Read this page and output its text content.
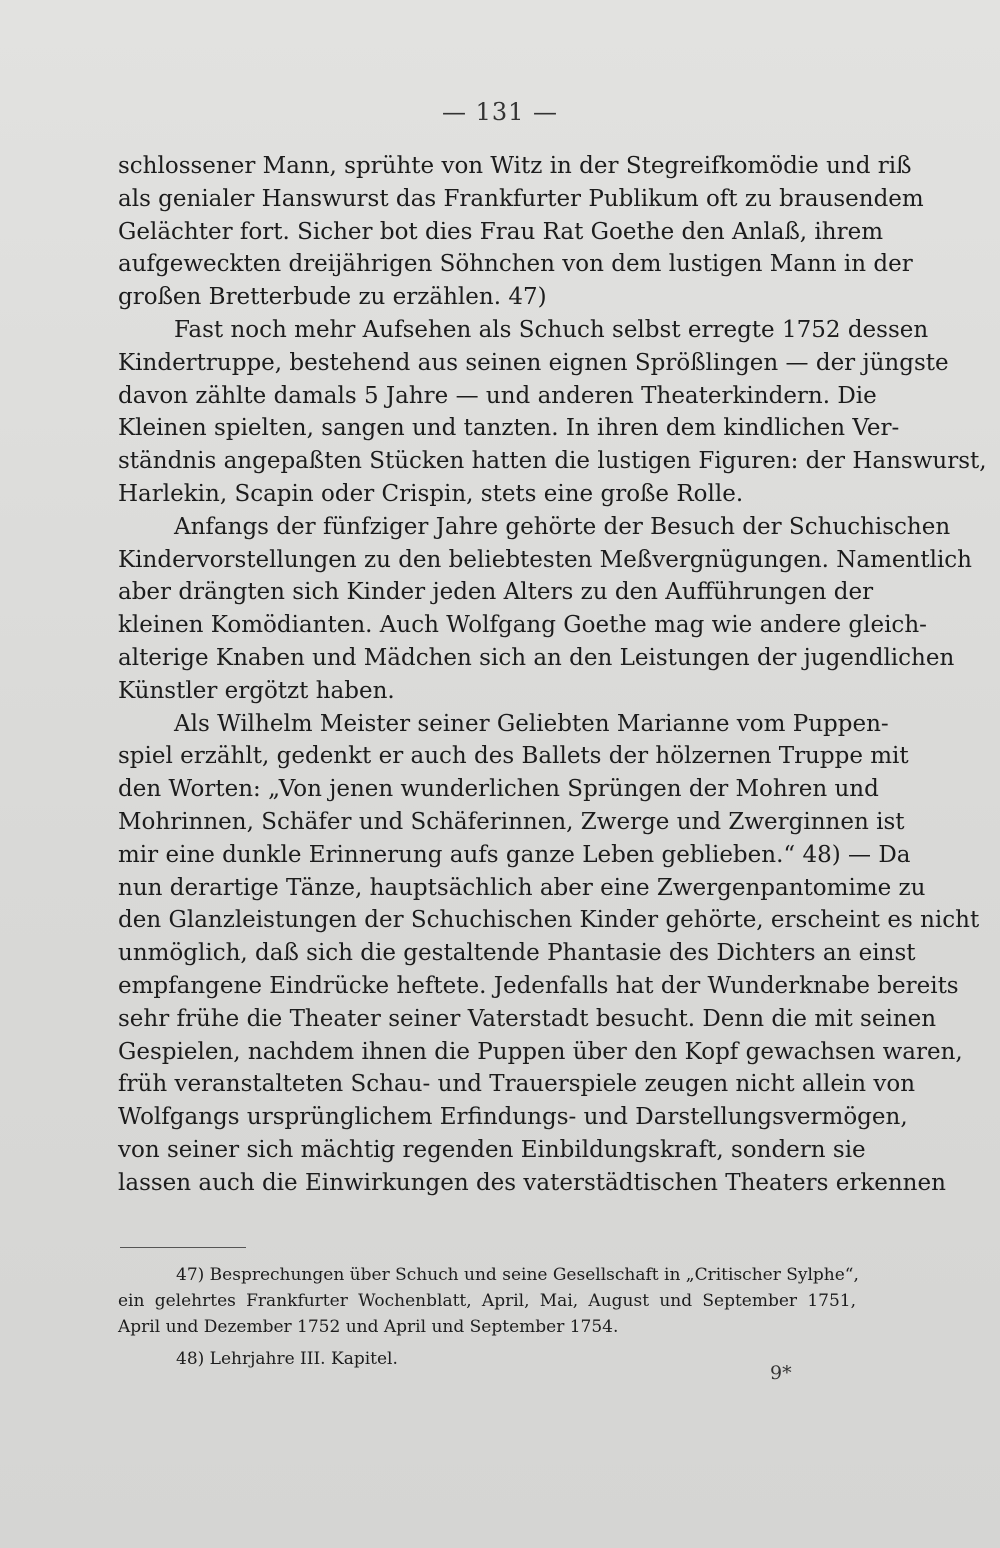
— 131 —
schlossener Mann, sprühte von Witz in der Stegreifkomödie und riß
als genialer Hanswurst das Frankfurter Publikum oft zu brausendem
Gelächter fort. Sicher bot dies Frau Rat Goethe den Anlaß, ihrem
aufgeweckten dreijährigen Söhnchen von dem lustigen Mann in der
großen Bretterbude zu erzählen. 47)
Fast noch mehr Aufsehen als Schuch selbst erregte 1752 dessen
Kindertruppe, bestehend aus seinen eignen Sprößlingen — der jüngste
davon zählte damals 5 Jahre — und anderen Theaterkindern. Die
Kleinen spielten, sangen und tanzten. In ihren dem kindlichen Ver-
ständnis angepaßten Stücken hatten die lustigen Figuren: der Hanswurst,
Harlekin, Scapin oder Crispin, stets eine große Rolle.
Anfangs der fünfziger Jahre gehörte der Besuch der Schuchischen
Kindervorstellungen zu den beliebtesten Meßvergnügungen. Namentlich
aber drängten sich Kinder jeden Alters zu den Aufführungen der
kleinen Komödianten. Auch Wolfgang Goethe mag wie andere gleich-
alterige Knaben und Mädchen sich an den Leistungen der jugendlichen
Künstler ergötzt haben.
Als Wilhelm Meister seiner Geliebten Marianne vom Puppen-
spiel erzählt, gedenkt er auch des Ballets der hölzernen Truppe mit
den Worten: „Von jenen wunderlichen Sprüngen der Mohren und
Mohrinnen, Schäfer und Schäferinnen, Zwerge und Zwerginnen ist
mir eine dunkle Erinnerung aufs ganze Leben geblieben.“ 48) — Da
nun derartige Tänze, hauptsächlich aber eine Zwergenpantomime zu
den Glanzleistungen der Schuchischen Kinder gehörte, erscheint es nicht
unmöglich, daß sich die gestaltende Phantasie des Dichters an einst
empfangene Eindrücke heftete. Jedenfalls hat der Wunderknabe bereits
sehr frühe die Theater seiner Vaterstadt besucht. Denn die mit seinen
Gespielen, nachdem ihnen die Puppen über den Kopf gewachsen waren,
früh veranstalteten Schau- und Trauerspiele zeugen nicht allein von
Wolfgangs ursprünglichem Erfindungs- und Darstellungsvermögen,
von seiner sich mächtig regenden Einbildungskraft, sondern sie
lassen auch die Einwirkungen des vaterstädtischen Theaters erkennen
47) Besprechungen über Schuch und seine Gesellschaft in „Critischer Sylphe“,
ein gelehrtes Frankfurter Wochenblatt, April, Mai, August und September 1751,
April und Dezember 1752 und April und September 1754.
48) Lehrjahre III. Kapitel.
9*
